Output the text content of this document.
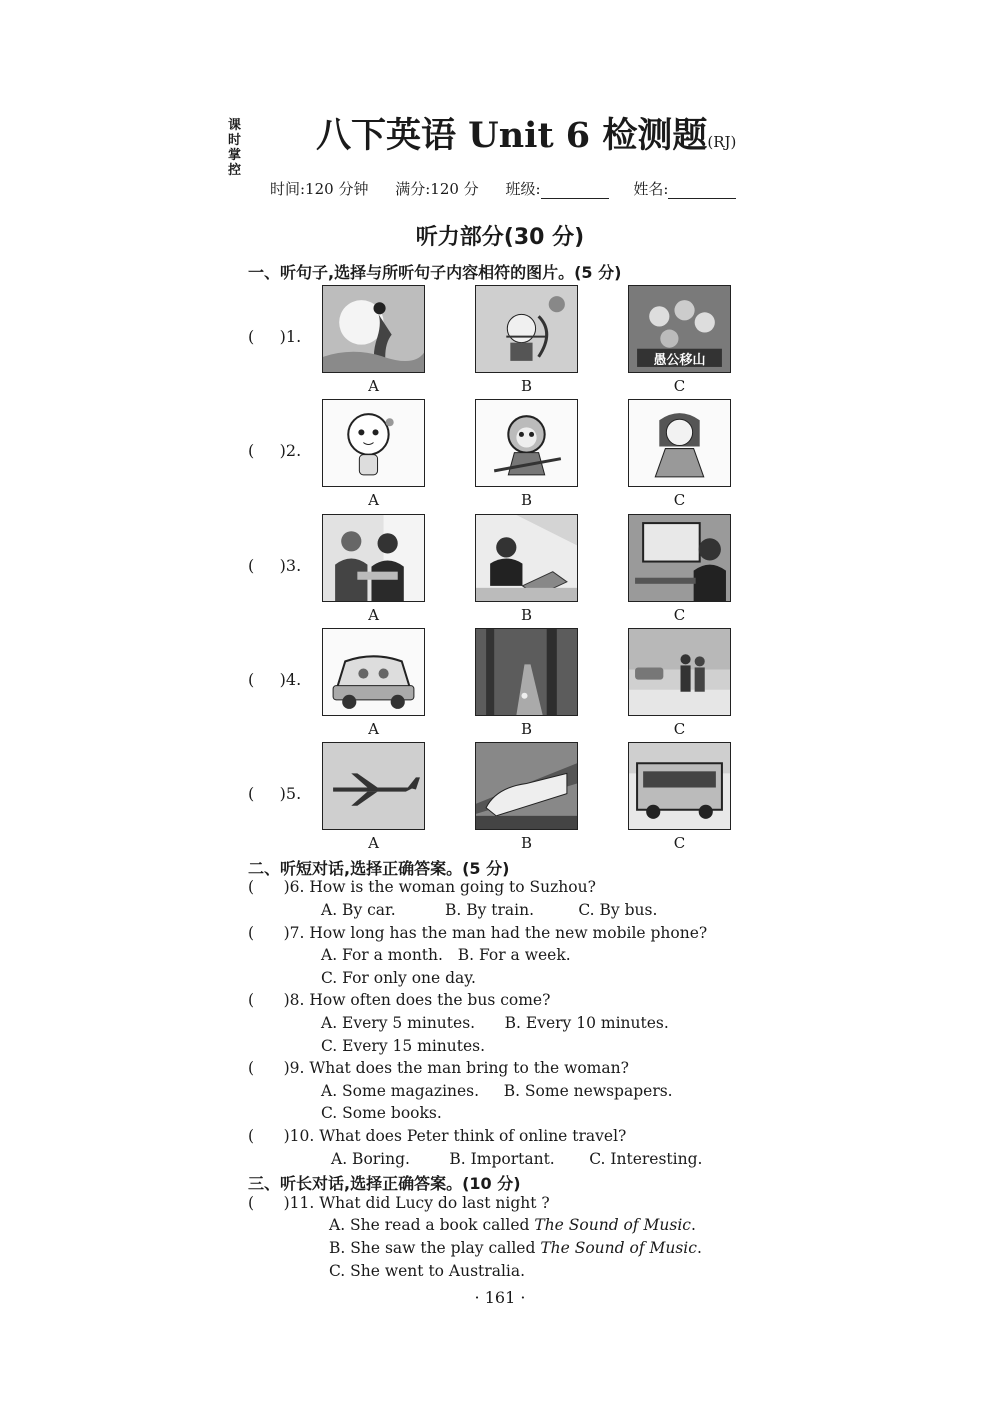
课时掌控
八下英语 Unit 6 检测题(RJ)
时间:120 分钟 满分:120 分 班级:	姓名:
听力部分(30 分)
一、听句子,选择与所听句子内容相符的图片。(5 分)
(     )1.
A	B
愚公移山
C
(     )2.
A	B	C
(     )3.
A	B	C
(     )4.
A	B	C
(     )5.
A	B	C
二、听短对话,选择正确答案。(5 分)
(      )6. How is the woman going to Suzhou?
A. By car.          B. By train.         C. By bus.
(      )7. How long has the man had the new mobile phone?
A. For a month.   B. For a week.
C. For only one day.
(      )8. How often does the bus come?
A. Every 5 minutes.      B. Every 10 minutes.
C. Every 15 minutes.
(      )9. What does the man bring to the woman?
A. Some magazines.     B. Some newspapers.
C. Some books.
(      )10. What does Peter think of online travel?
A. Boring.        B. Important.       C. Interesting.
三、听长对话,选择正确答案。(10 分)
(      )11. What did Lucy do last night ?
A. She read a book called The Sound of Music.
B. She saw the play called The Sound of Music.
C. She went to Australia.
· 161 ·
